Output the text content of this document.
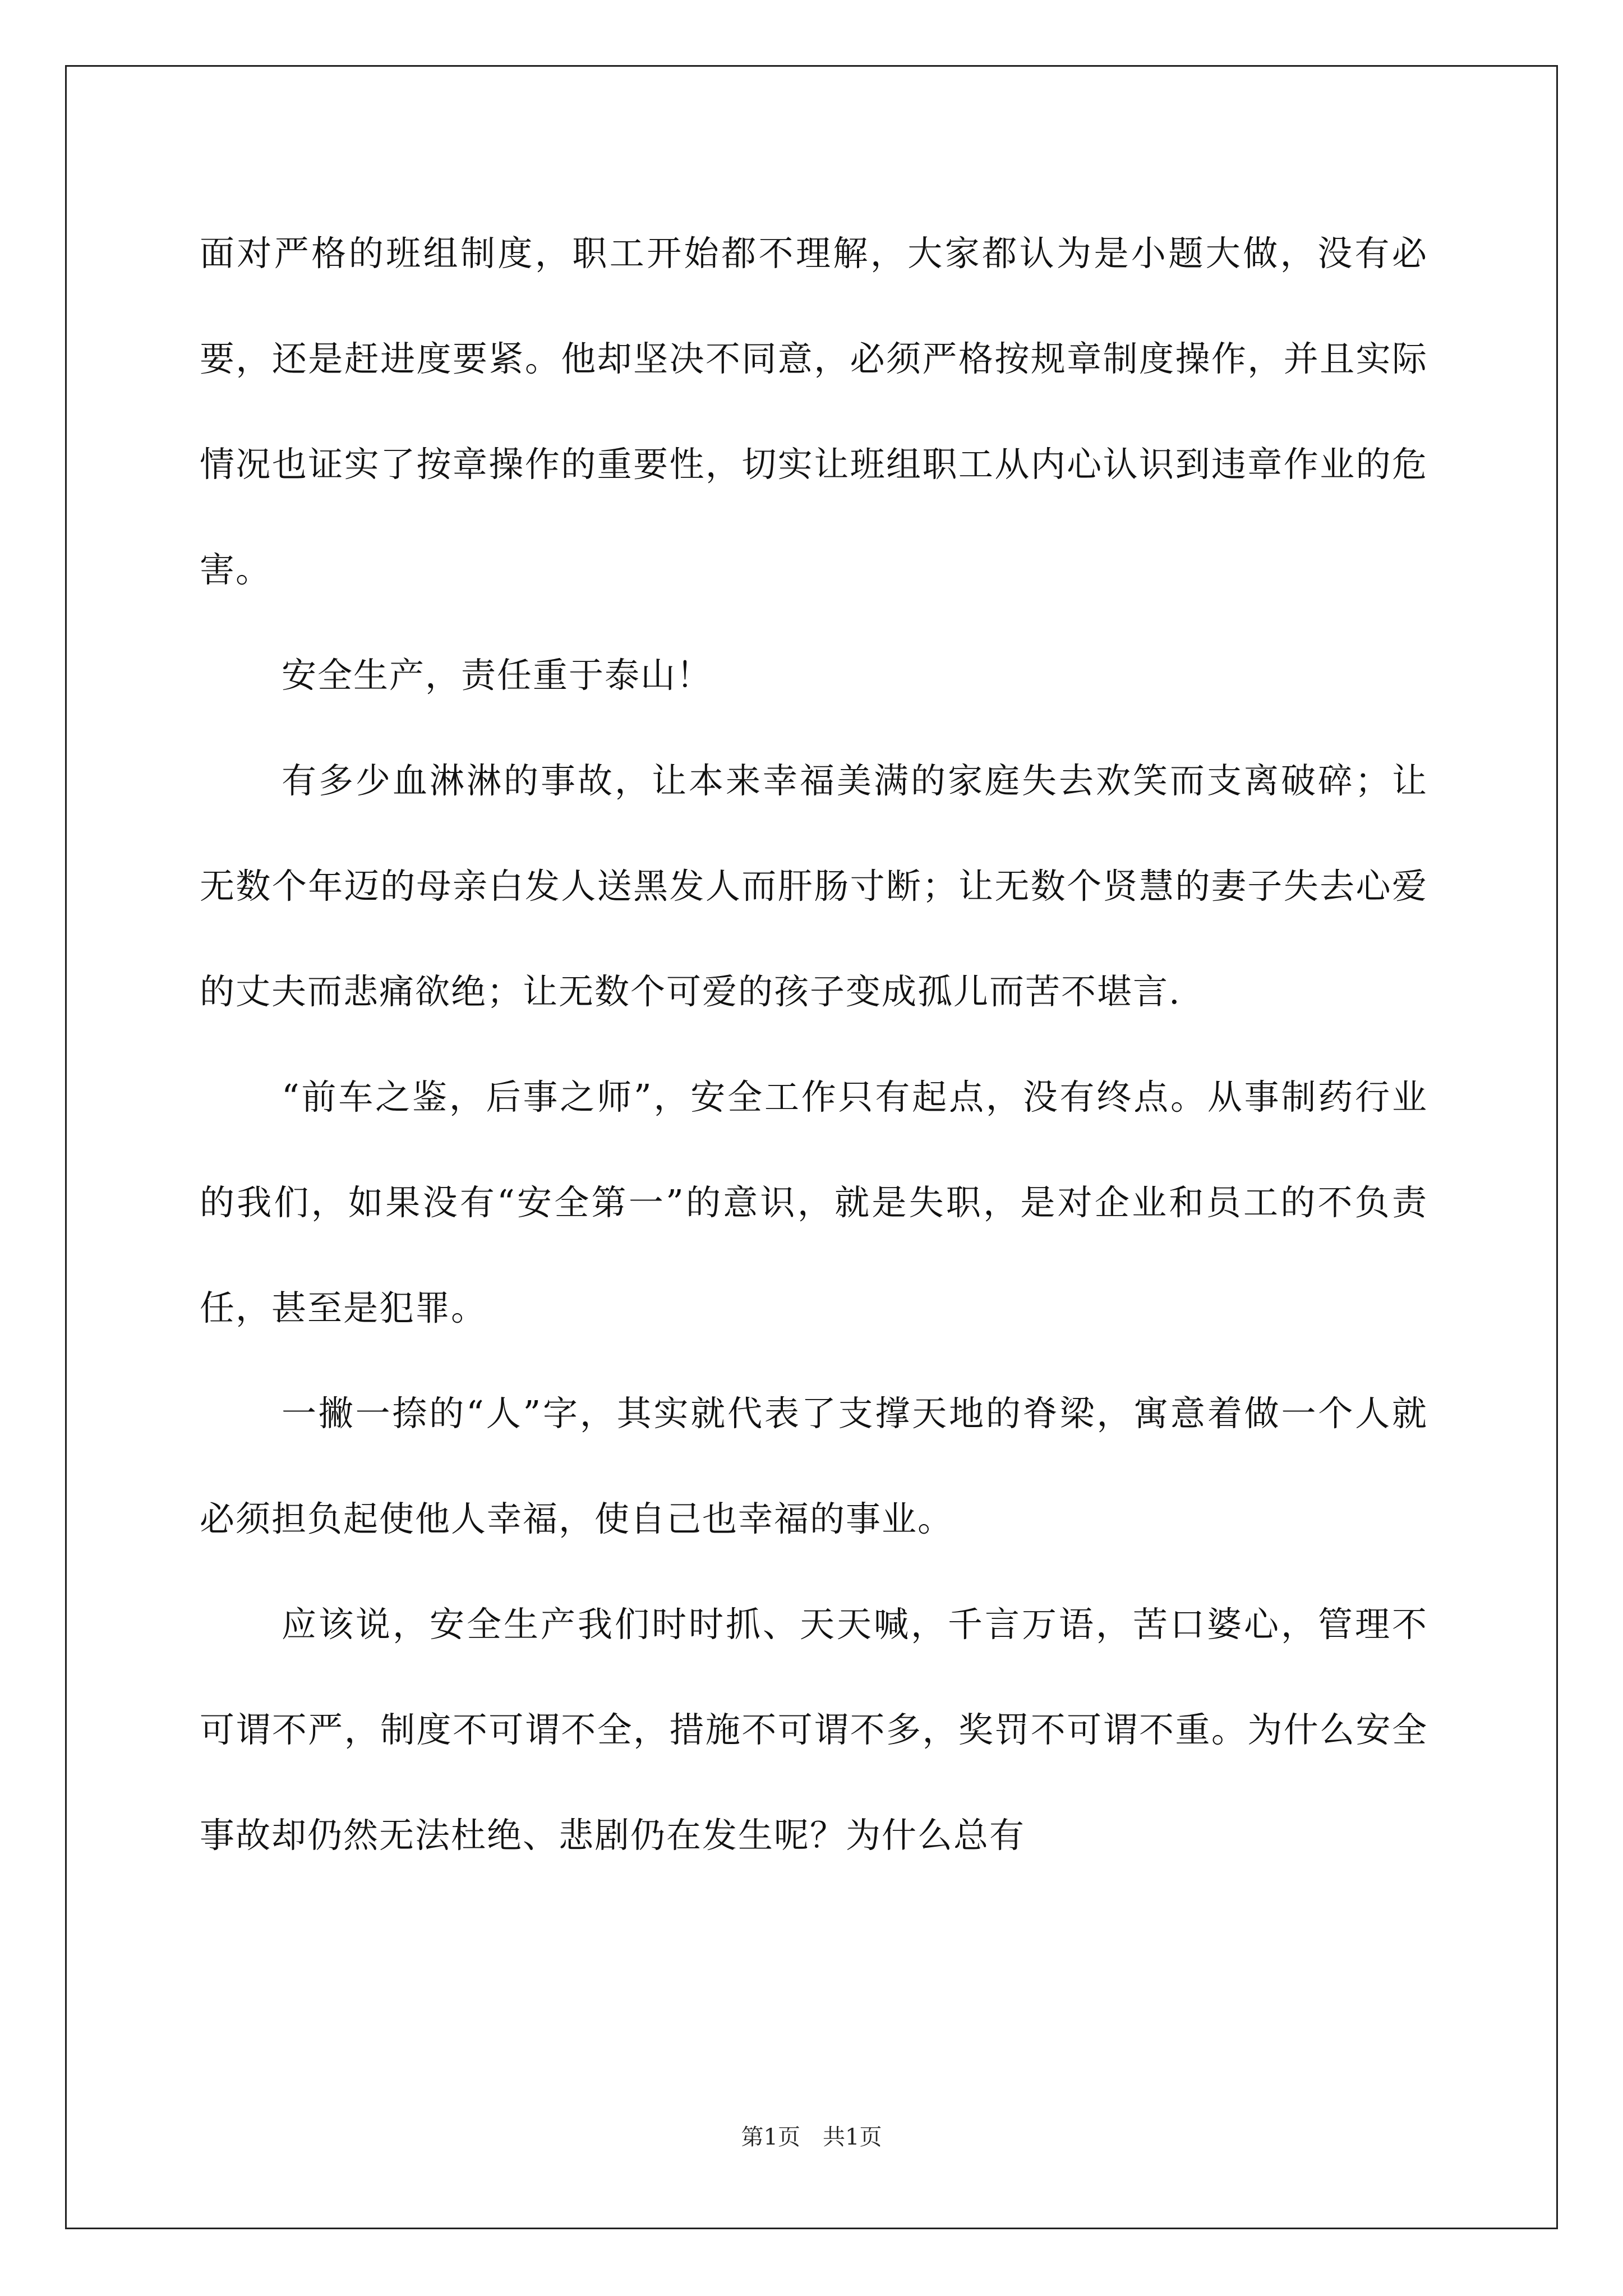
面对严格的班组制度，职工开始都不理解，大家都认为是小题大做，没有必要，还是赶进度要紧。他却坚决不同意，必须严格按规章制度操作，并且实际情况也证实了按章操作的重要性，切实让班组职工从内心认识到违章作业的危害。

安全生产，责任重于泰山！

有多少血淋淋的事故，让本来幸福美满的家庭失去欢笑而支离破碎；让无数个年迈的母亲白发人送黑发人而肝肠寸断；让无数个贤慧的妻子失去心爱的丈夫而悲痛欲绝；让无数个可爱的孩子变成孤儿而苦不堪言.

“前车之鉴，后事之师”，安全工作只有起点，没有终点。从事制药行业的我们，如果没有“安全第一”的意识，就是失职，是对企业和员工的不负责任，甚至是犯罪。

一撇一捺的“人”字，其实就代表了支撑天地的脊梁，寓意着做一个人就必须担负起使他人幸福，使自己也幸福的事业。

应该说，安全生产我们时时抓、天天喊，千言万语，苦口婆心，管理不可谓不严，制度不可谓不全，措施不可谓不多，奖罚不可谓不重。为什么安全事故却仍然无法杜绝、悲剧仍在发生呢？为什么总有

第1页　共1页
